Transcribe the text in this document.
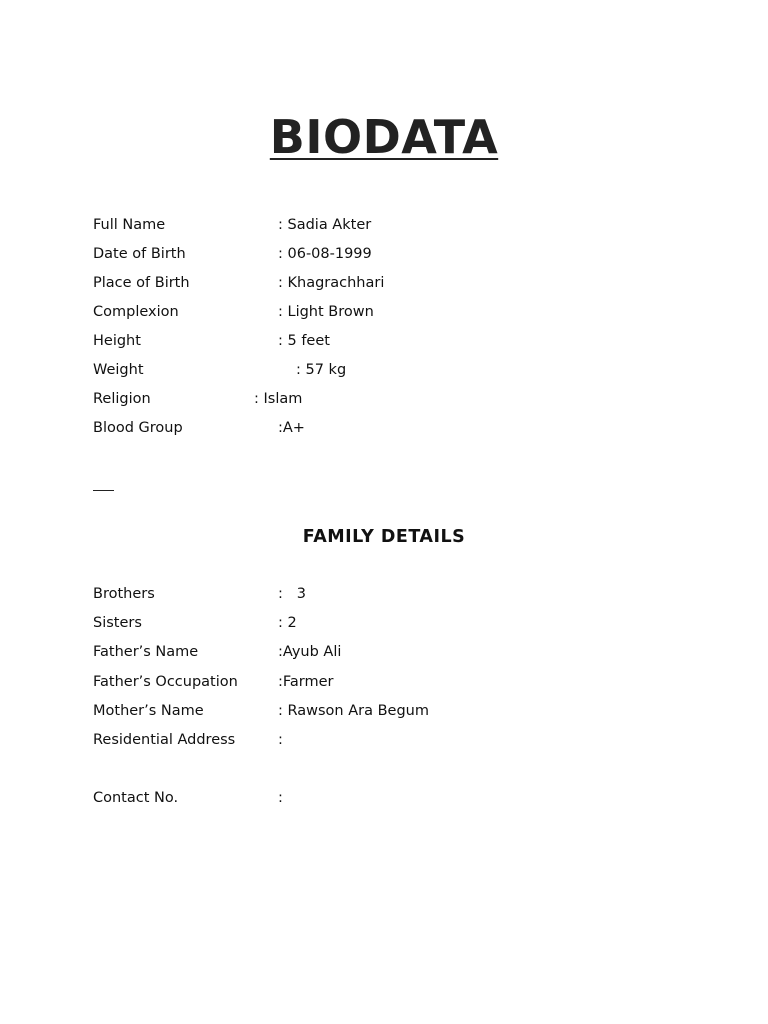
BIODATA
Full Name	: Sadia Akter
Date of Birth	: 06-08-1999
Place of Birth	: Khagrachhari
Complexion	: Light Brown
Height	: 5 feet
Weight	: 57 kg
Religion	: Islam
Blood Group	:A+
FAMILY DETAILS
Brothers	:   3
Sisters	: 2
Father’s Name	:Ayub Ali
Father’s Occupation	:Farmer
Mother’s Name	: Rawson Ara Begum
Residential Address	:
Contact No.	:
